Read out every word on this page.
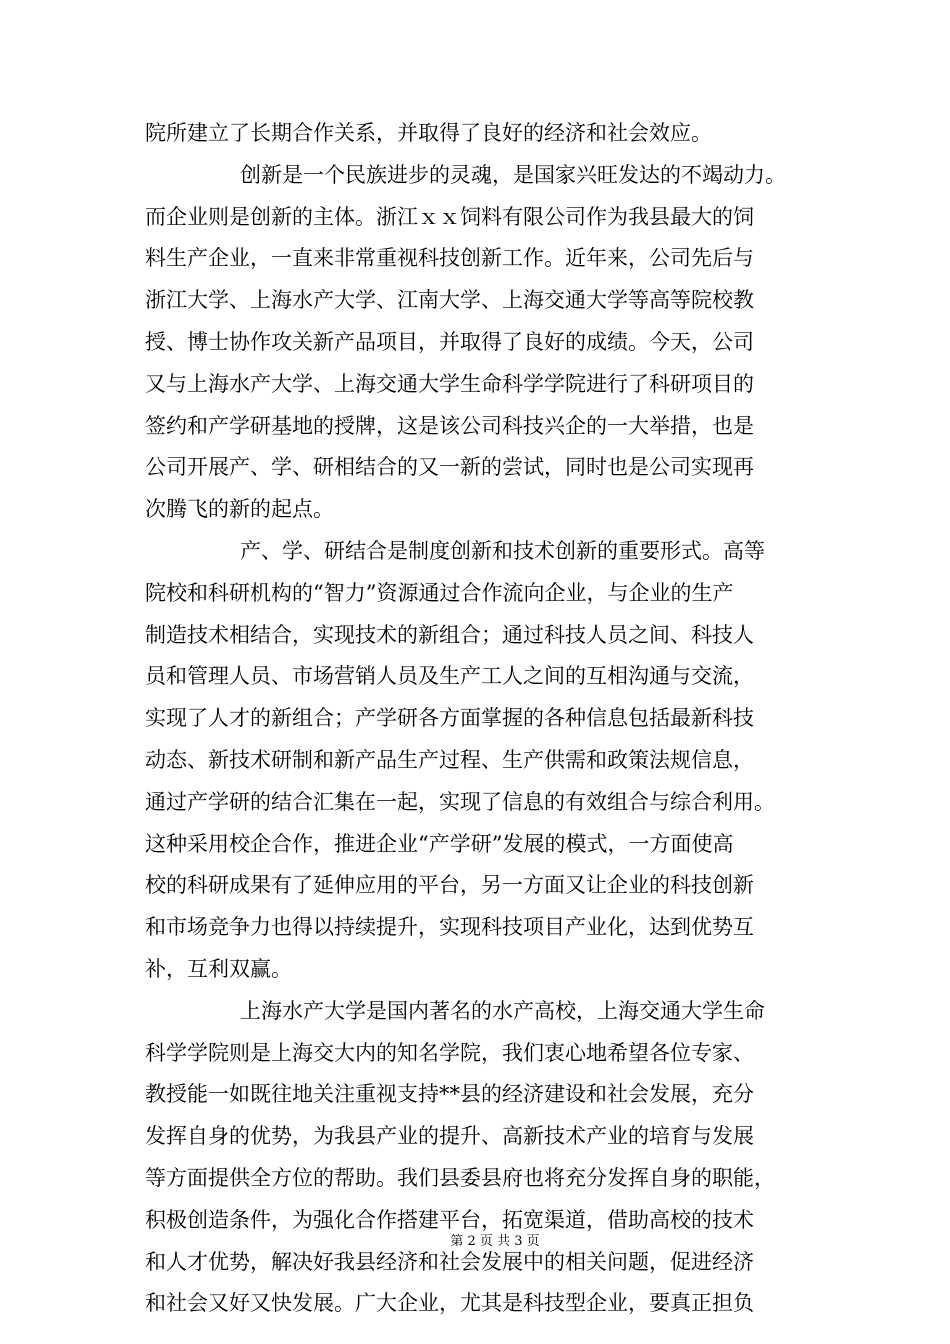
院所建立了长期合作关系，并取得了良好的经济和社会效应。
创新是一个民族进步的灵魂，是国家兴旺发达的不竭动力。
而企业则是创新的主体。浙江ｘｘ饲料有限公司作为我县最大的饲
料生产企业，一直来非常重视科技创新工作。近年来，公司先后与
浙江大学、上海水产大学、江南大学、上海交通大学等高等院校教
授、博士协作攻关新产品项目，并取得了良好的成绩。今天，公司
又与上海水产大学、上海交通大学生命科学学院进行了科研项目的
签约和产学研基地的授牌，这是该公司科技兴企的一大举措，也是
公司开展产、学、研相结合的又一新的尝试，同时也是公司实现再
次腾飞的新的起点。
产、学、研结合是制度创新和技术创新的重要形式。高等
院校和科研机构的“智力”资源通过合作流向企业，与企业的生产
制造技术相结合，实现技术的新组合；通过科技人员之间、科技人
员和管理人员、市场营销人员及生产工人之间的互相沟通与交流，
实现了人才的新组合；产学研各方面掌握的各种信息包括最新科技
动态、新技术研制和新产品生产过程、生产供需和政策法规信息，
通过产学研的结合汇集在一起，实现了信息的有效组合与综合利用。
这种采用校企合作，推进企业“产学研”发展的模式，一方面使高
校的科研成果有了延伸应用的平台，另一方面又让企业的科技创新
和市场竞争力也得以持续提升，实现科技项目产业化，达到优势互
补，互利双赢。
上海水产大学是国内著名的水产高校，上海交通大学生命
科学学院则是上海交大内的知名学院，我们衷心地希望各位专家、
教授能一如既往地关注重视支持**县的经济建设和社会发展，充分
发挥自身的优势，为我县产业的提升、高新技术产业的培育与发展
等方面提供全方位的帮助。我们县委县府也将充分发挥自身的职能，
积极创造条件，为强化合作搭建平台，拓宽渠道，借助高校的技术
和人才优势，解决好我县经济和社会发展中的相关问题，促进经济
和社会又好又快发展。广大企业，尤其是科技型企业，要真正担负
第 2 页 共 3 页
